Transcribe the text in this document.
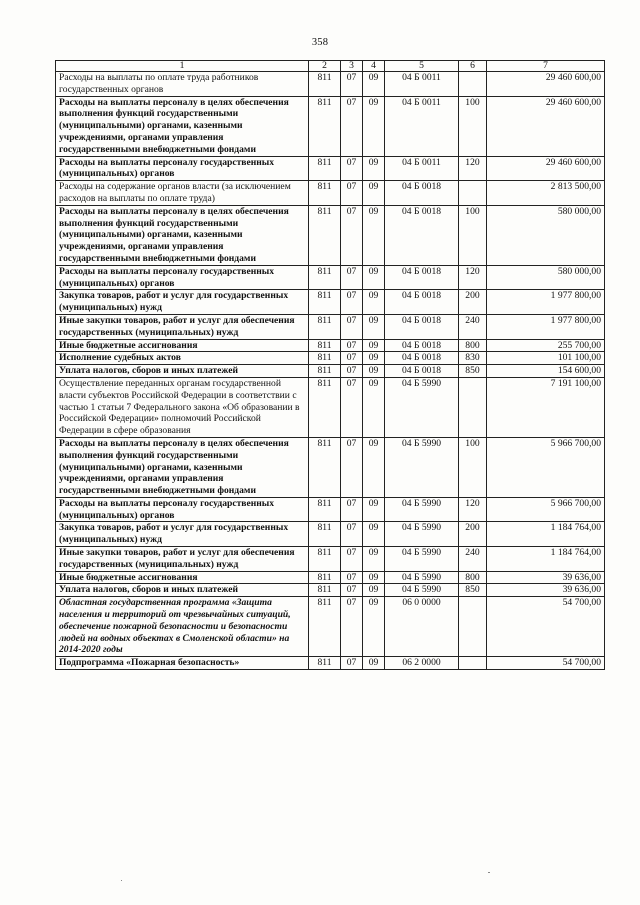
358
1	2	3	4	5	6	7
Расходы на выплаты по оплате труда работников государственных органов	811	07	09	04 Б 0011		29 460 600,00
Расходы на выплаты персоналу в целях обеспечения выполнения функций государственными (муниципальными) органами, казенными учреждениями, органами управления государственными внебюджетными фондами	811	07	09	04 Б 0011	100	29 460 600,00
Расходы на выплаты персоналу государственных (муниципальных) органов	811	07	09	04 Б 0011	120	29 460 600,00
Расходы на содержание органов власти (за исключением расходов на выплаты по оплате труда)	811	07	09	04 Б 0018		2 813 500,00
Расходы на выплаты персоналу в целях обеспечения выполнения функций государственными (муниципальными) органами, казенными учреждениями, органами управления государственными внебюджетными фондами	811	07	09	04 Б 0018	100	580 000,00
Расходы на выплаты персоналу государственных (муниципальных) органов	811	07	09	04 Б 0018	120	580 000,00
Закупка товаров, работ и услуг для государственных (муниципальных) нужд	811	07	09	04 Б 0018	200	1 977 800,00
Иные закупки товаров, работ и услуг для обеспечения государственных (муниципальных) нужд	811	07	09	04 Б 0018	240	1 977 800,00
Иные бюджетные ассигнования	811	07	09	04 Б 0018	800	255 700,00
Исполнение судебных актов	811	07	09	04 Б 0018	830	101 100,00
Уплата налогов, сборов и иных платежей	811	07	09	04 Б 0018	850	154 600,00
Осуществление переданных органам государственной власти субъектов Российской Федерации в соответствии с частью 1 статьи 7 Федерального закона «Об образовании в Российской Федерации» полномочий Российской Федерации в сфере образования	811	07	09	04 Б 5990		7 191 100,00
Расходы на выплаты персоналу в целях обеспечения выполнения функций государственными (муниципальными) органами, казенными учреждениями, органами управления государственными внебюджетными фондами	811	07	09	04 Б 5990	100	5 966 700,00
Расходы на выплаты персоналу государственных (муниципальных) органов	811	07	09	04 Б 5990	120	5 966 700,00
Закупка товаров, работ и услуг для государственных (муниципальных) нужд	811	07	09	04 Б 5990	200	1 184 764,00
Иные закупки товаров, работ и услуг для обеспечения государственных (муниципальных) нужд	811	07	09	04 Б 5990	240	1 184 764,00
Иные бюджетные ассигнования	811	07	09	04 Б 5990	800	39 636,00
Уплата налогов, сборов и иных платежей	811	07	09	04 Б 5990	850	39 636,00
Областная государственная программа «Защита населения и территорий от чрезвычайных ситуаций, обеспечение пожарной безопасности и безопасности людей на водных объектах в Смоленской области» на 2014-2020 годы	811	07	09	06 0 0000		54 700,00
Подпрограмма «Пожарная безопасность»	811	07	09	06 2 0000		54 700,00
